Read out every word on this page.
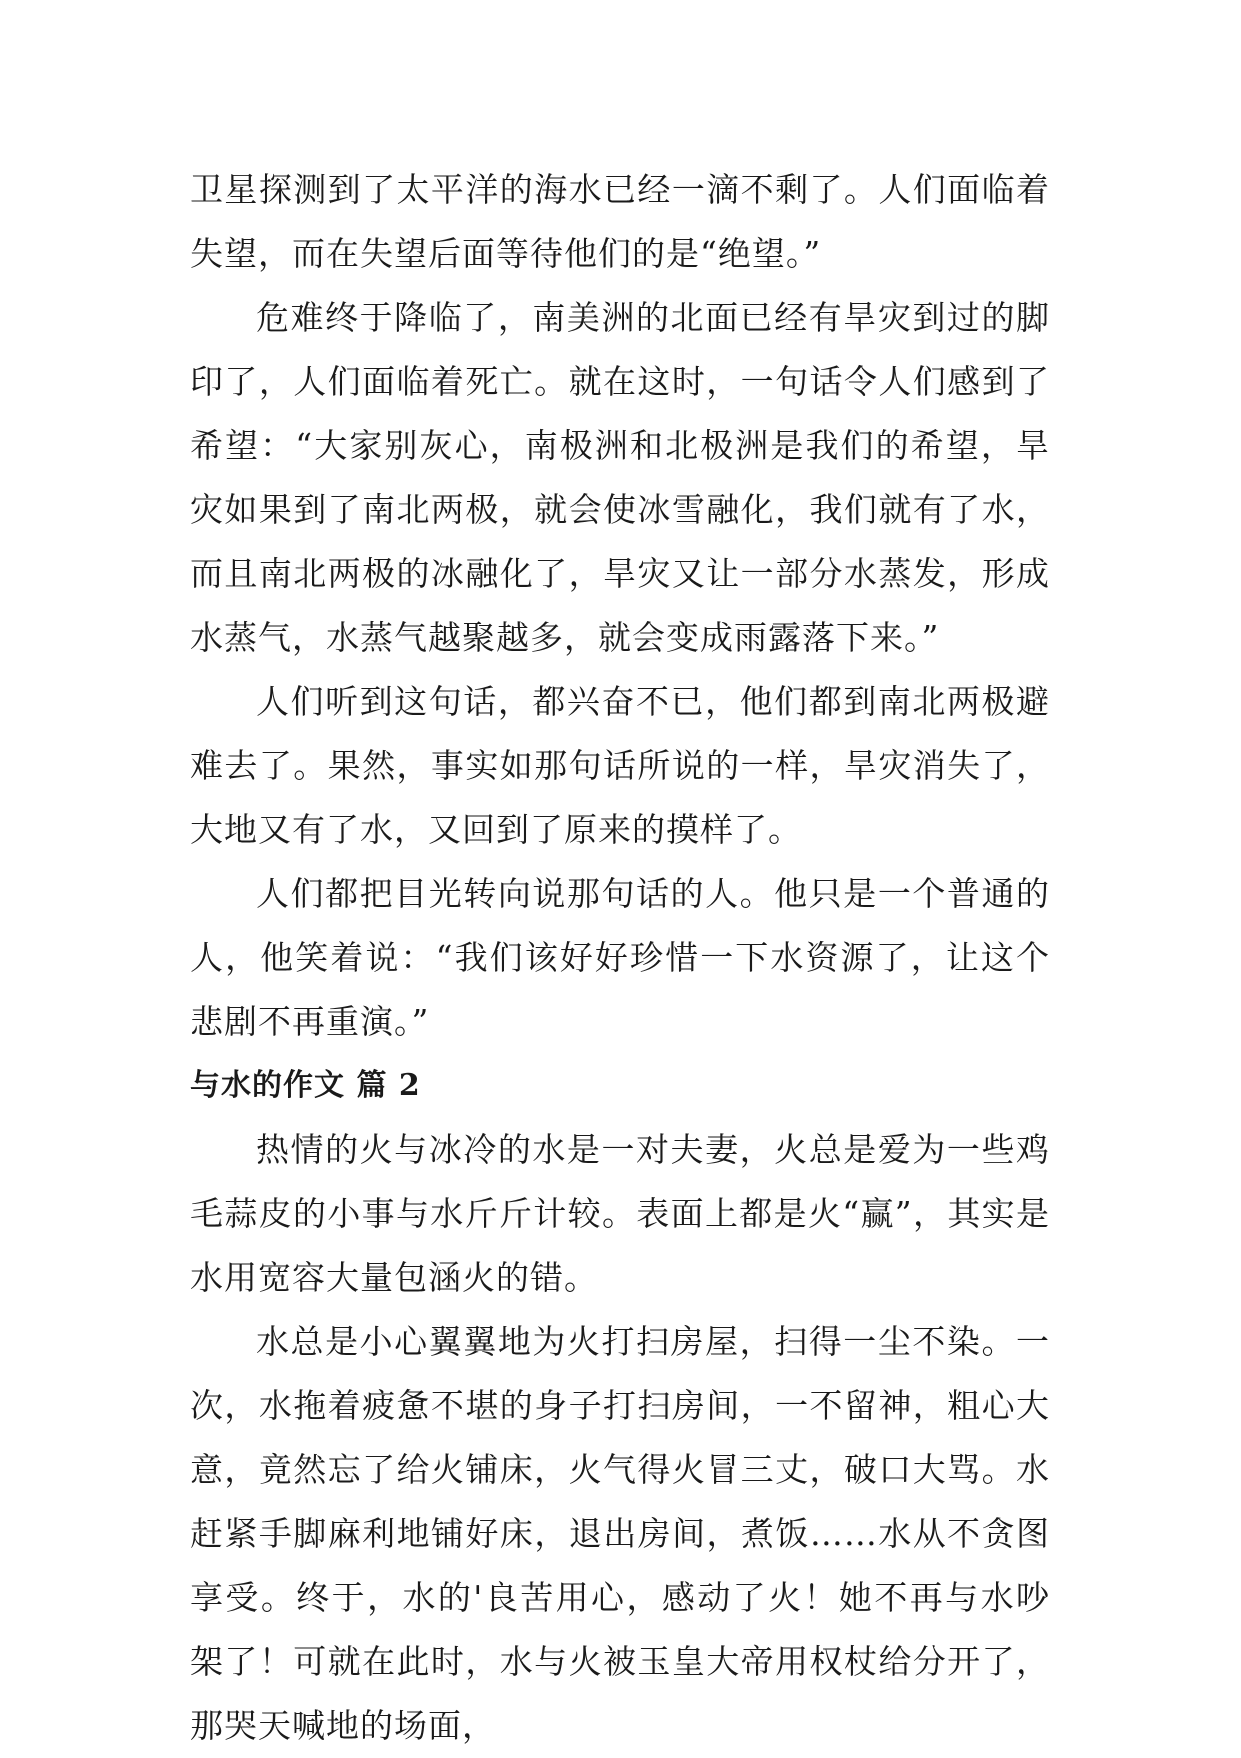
卫星探测到了太平洋的海水已经一滴不剩了。人们面临着失望，而在失望后面等待他们的是“绝望。”

危难终于降临了，南美洲的北面已经有旱灾到过的脚印了，人们面临着死亡。就在这时，一句话令人们感到了希望：“大家别灰心，南极洲和北极洲是我们的希望，旱灾如果到了南北两极，就会使冰雪融化，我们就有了水，而且南北两极的冰融化了，旱灾又让一部分水蒸发，形成水蒸气，水蒸气越聚越多，就会变成雨露落下来。”

人们听到这句话，都兴奋不已，他们都到南北两极避难去了。果然，事实如那句话所说的一样，旱灾消失了，大地又有了水，又回到了原来的摸样了。

人们都把目光转向说那句话的人。他只是一个普通的人，他笑着说：“我们该好好珍惜一下水资源了，让这个悲剧不再重演。”

与水的作文 篇 2

热情的火与冰冷的水是一对夫妻，火总是爱为一些鸡毛蒜皮的小事与水斤斤计较。表面上都是火“赢”，其实是水用宽容大量包涵火的错。

水总是小心翼翼地为火打扫房屋，扫得一尘不染。一次，水拖着疲惫不堪的身子打扫房间，一不留神，粗心大意，竟然忘了给火铺床，火气得火冒三丈，破口大骂。水赶紧手脚麻利地铺好床，退出房间，煮饭……水从不贪图享受。终于，水的'良苦用心，感动了火！她不再与水吵架了！可就在此时，水与火被玉皇大帝用权杖给分开了，那哭天喊地的场面，
